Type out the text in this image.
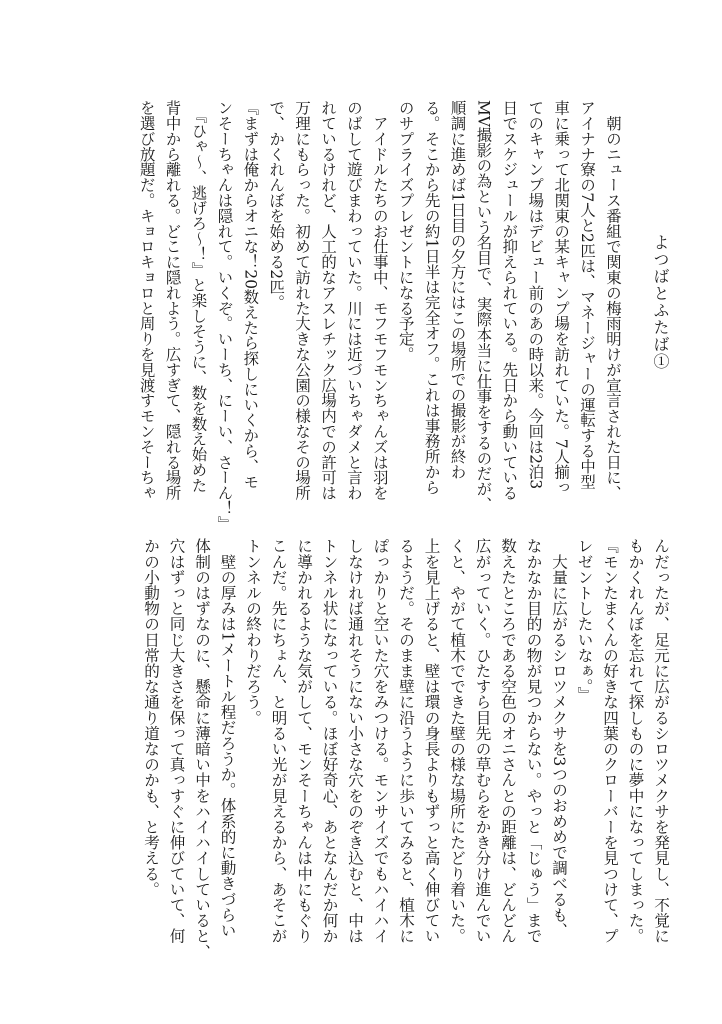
よつばとふたば①
　朝のニュース番組で関東の梅雨明けが宣言された日に、
アイナナ寮の7人と2匹は、マネージャーの運転する中型
車に乗って北関東の某キャンプ場を訪れていた。7人揃っ
てのキャンプ場はデビュー前のあの時以来。今回は2泊3
日でスケジュールが抑えられている。先日から動いている
MV撮影の為という名目で、実際本当に仕事をするのだが、
順調に進めば1日目の夕方にはこの場所での撮影が終わ
る。そこから先の約1日半は完全オフ。これは事務所から
のサプライズプレゼントになる予定。
　アイドルたちのお仕事中、モフモフモンちゃんズは羽を
のばして遊びまわっていた。川には近づいちゃダメと言わ
れているけれど、人工的なアスレチック広場内での許可は
万理にもらった。初めて訪れた大きな公園の様なその場所
で、かくれんぼを始める2匹。
『まずは俺からオニな！20数えたら探しにいくから、モ
ンそーちゃんは隠れて。いくぞ。いーち、にーい、さーん！』
　『ひゃ〜、逃げろ〜！』と楽しそうに、数を数え始めた
背中から離れる。どこに隠れよう。広すぎて、隠れる場所
を選び放題だ。キョロキョロと周りを見渡すモンそーちゃ
んだったが、足元に広がるシロツメクサを発見し、不覚に
もかくれんぼを忘れて探しものに夢中になってしまった。
『モンたまくんの好きな四葉のクローバーを見つけて、プ
レゼントしたいなぁ。』
　大量に広がるシロツメクサを3つのおめめで調べるも、
なかなか目的の物が見つからない。やっと「じゅう」まで
数えたところである空色のオニさんとの距離は、どんどん
広がっていく。ひたすら目先の草むらをかき分け進んでい
くと、やがて植木でできた壁の様な場所にたどり着いた。
上を見上げると、壁は環の身長よりもずっと高く伸びてい
るようだ。そのまま壁に沿うように歩いてみると、植木に
ぽっかりと空いた穴をみつける。モンサイズでもハイハイ
しなければ通れそうにない小さな穴をのぞき込むと、中は
トンネル状になっている。ほぼ好奇心、あとなんだか何か
に導かれるような気がして、モンそーちゃんは中にもぐり
こんだ。先にちょん、と明るい光が見えるから、あそこが
トンネルの終わりだろう。
　壁の厚みは1メートル程だろうか。体系的に動きづらい
体制のはずなのに、懸命に薄暗い中をハイハイしていると、
穴はずっと同じ大きさを保って真っすぐに伸びていて、何
かの小動物の日常的な通り道なのかも、と考える。
